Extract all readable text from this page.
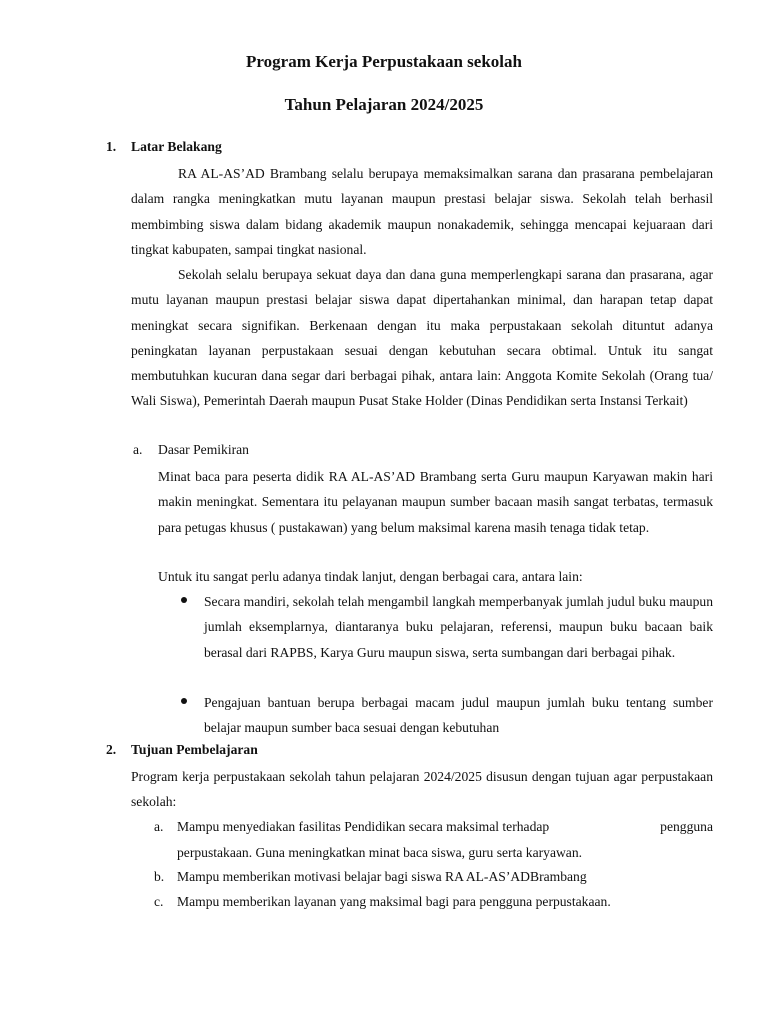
Program Kerja Perpustakaan sekolah
Tahun Pelajaran 2024/2025
1. Latar Belakang

RA AL-AS’AD Brambang selalu berupaya memaksimalkan sarana dan prasarana pembelajaran dalam rangka meningkatkan mutu layanan maupun prestasi belajar siswa. Sekolah telah berhasil membimbing siswa dalam bidang akademik maupun nonakademik, sehingga mencapai kejuaraan dari tingkat kabupaten, sampai tingkat nasional.

Sekolah selalu berupaya sekuat daya dan dana guna memperlengkapi sarana dan prasarana, agar mutu layanan maupun prestasi belajar siswa dapat dipertahankan minimal, dan harapan tetap dapat meningkat secara signifikan. Berkenaan dengan itu maka perpustakaan sekolah dituntut adanya peningkatan layanan perpustakaan sesuai dengan kebutuhan secara obtimal. Untuk itu sangat membutuhkan kucuran dana segar dari berbagai pihak, antara lain: Anggota Komite Sekolah (Orang tua/ Wali Siswa), Pemerintah Daerah maupun Pusat Stake Holder (Dinas Pendidikan serta Instansi Terkait)

a. Dasar Pemikiran

Minat baca para peserta didik RA AL-AS’AD Brambang serta Guru maupun Karyawan makin hari makin meningkat. Sementara itu pelayanan maupun sumber bacaan masih sangat terbatas, termasuk para petugas khusus ( pustakawan) yang belum maksimal karena masih tenaga tidak tetap.

Untuk itu sangat perlu adanya tindak lanjut, dengan berbagai cara, antara lain:

Secara mandiri, sekolah telah mengambil langkah memperbanyak jumlah judul buku maupun jumlah eksemplarnya, diantaranya buku pelajaran, referensi, maupun buku bacaan baik berasal dari RAPBS, Karya Guru maupun siswa, serta sumbangan dari berbagai pihak.

Pengajuan bantuan berupa berbagai macam judul maupun jumlah buku tentang sumber belajar maupun sumber baca sesuai dengan kebutuhan

2. Tujuan Pembelajaran

Program kerja perpustakaan sekolah tahun pelajaran 2024/2025 disusun dengan tujuan agar perpustakaan sekolah:

a. Mampu menyediakan fasilitas Pendidikan secara maksimal terhadap	pengguna
perpustakaan. Guna meningkatkan minat baca siswa, guru serta karyawan.
b. Mampu memberikan motivasi belajar bagi siswa RA AL-AS’ADBrambang
c. Mampu memberikan layanan yang maksimal bagi para pengguna perpustakaan.
